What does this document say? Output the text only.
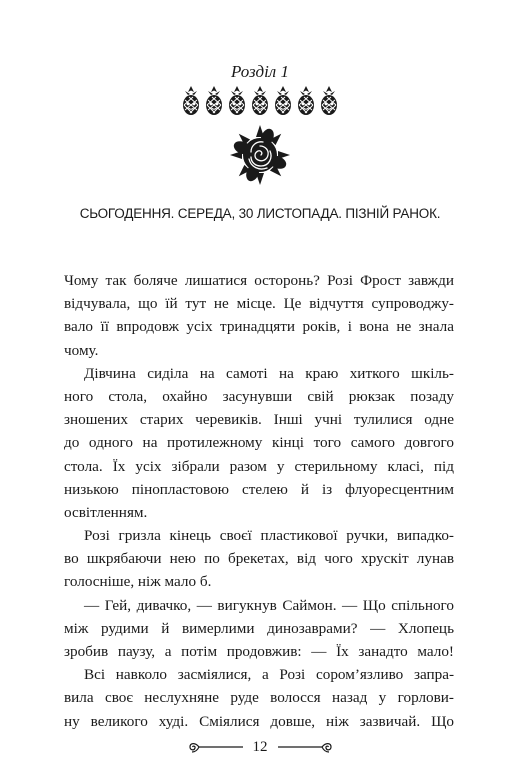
Розділ 1
СЬОГОДЕННЯ. СЕРЕДА, 30 ЛИСТОПАДА. ПІЗНІЙ РАНОК.
Чому так боляче лишатися осторонь? Розі Фрост завжди
відчувала, що їй тут не місце. Це відчуття супроводжу-
вало її впродовж усіх тринадцяти років, і вона не знала
чому.
Дівчина сиділа на самоті на краю хиткого шкіль-
ного стола, охайно засунувши свій рюкзак позаду
зношених старих черевиків. Інші учні тулилися одне
до одного на протилежному кінці того самого довгого
стола. Їх усіх зібрали разом у стерильному класі, під
низькою пінопластовою стелею й із флуоресцентним
освітленням.
Розі гризла кінець своєї пластикової ручки, випадко-
во шкрябаючи нею по брекетах, від чого хрускіт лунав
голосніше, ніж мало б.
— Гей, дивачко, — вигукнув Саймон. — Що спільного
між рудими й вимерлими динозаврами? — Хлопець
зробив паузу, а потім продовжив: — Їх занадто мало!
Всі навколо засміялися, а Розі сором’язливо запра-
вила своє неслухняне руде волосся назад у горлови-
ну великого худі. Сміялися довше, ніж зазвичай. Що
12
